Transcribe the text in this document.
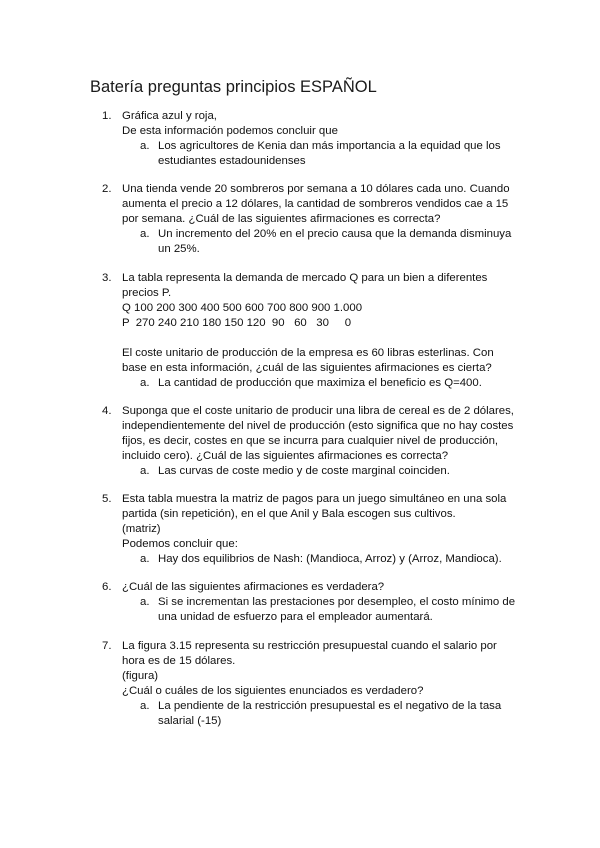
Batería preguntas principios ESPAÑOL
1. Gráfica azul y roja,
De esta información podemos concluir que
a. Los agricultores de Kenia dan más importancia a la equidad que los estudiantes estadounidenses
2. Una tienda vende 20 sombreros por semana a 10 dólares cada uno. Cuando aumenta el precio a 12 dólares, la cantidad de sombreros vendidos cae a 15 por semana. ¿Cuál de las siguientes afirmaciones es correcta?
a. Un incremento del 20% en el precio causa que la demanda disminuya un 25%.
3. La tabla representa la demanda de mercado Q para un bien a diferentes precios P.
Q 100 200 300 400 500 600 700 800 900 1.000
P  270 240 210 180 150 120  90   60   30     0
El coste unitario de producción de la empresa es 60 libras esterlinas. Con base en esta información, ¿cuál de las siguientes afirmaciones es cierta?
a. La cantidad de producción que maximiza el beneficio es Q=400.
4. Suponga que el coste unitario de producir una libra de cereal es de 2 dólares, independientemente del nivel de producción (esto significa que no hay costes fijos, es decir, costes en que se incurra para cualquier nivel de producción, incluido cero). ¿Cuál de las siguientes afirmaciones es correcta?
a. Las curvas de coste medio y de coste marginal coinciden.
5. Esta tabla muestra la matriz de pagos para un juego simultáneo en una sola partida (sin repetición), en el que Anil y Bala escogen sus cultivos.
(matriz)
Podemos concluir que:
a. Hay dos equilibrios de Nash: (Mandioca, Arroz) y (Arroz, Mandioca).
6. ¿Cuál de las siguientes afirmaciones es verdadera?
a. Si se incrementan las prestaciones por desempleo, el costo mínimo de una unidad de esfuerzo para el empleador aumentará.
7. La figura 3.15 representa su restricción presupuestal cuando el salario por hora es de 15 dólares.
(figura)
¿Cuál o cuáles de los siguientes enunciados es verdadero?
a. La pendiente de la restricción presupuestal es el negativo de la tasa salarial (-15)
